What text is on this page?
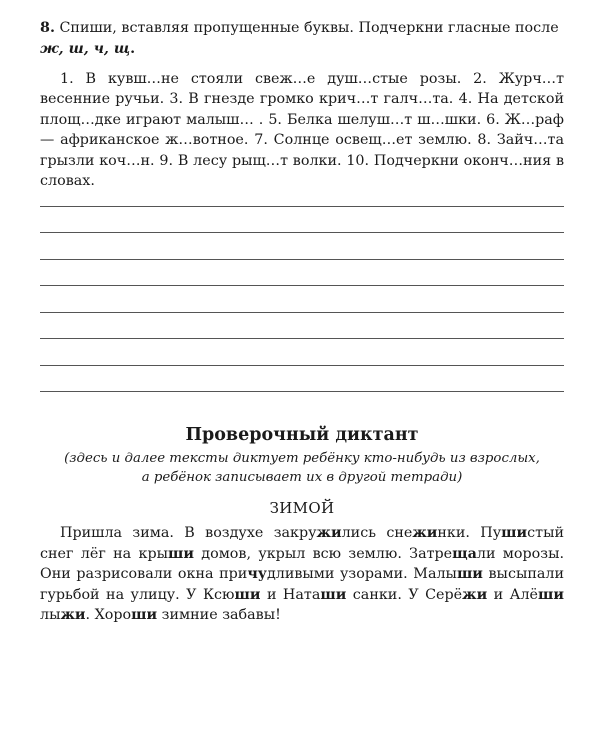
8. Спиши, вставляя пропущенные буквы. Подчеркни гласные после ж, ш, ч, щ.

1. В кувш…не стояли свеж…е душ…стые розы. 2. Журч…т весенние ручьи. 3. В гнезде громко крич…т галч…та. 4. На детской площ…дке играют малыш… . 5. Белка шелуш…т ш…шки. 6. Ж…раф — африканское ж…вотное. 7. Солнце освещ…ет землю. 8. Зайч…та грызли коч…н. 9. В лесу рыщ…т волки. 10. Подчеркни оконч…ния в словах.

Проверочный диктант

(здесь и далее тексты диктует ребёнку кто-нибудь из взрослых,
а ребёнок записывает их в другой тетради)

ЗИМОЙ

Пришла зима. В воздухе закружились снежинки. Пушистый снег лёг на крыши домов, укрыл всю землю. Затрещали морозы. Они разрисовали окна причудливыми узорами. Малыши высыпали гурьбой на улицу. У Ксюши и Наташи санки. У Серёжи и Алёши лыжи. Хороши зимние забавы!
